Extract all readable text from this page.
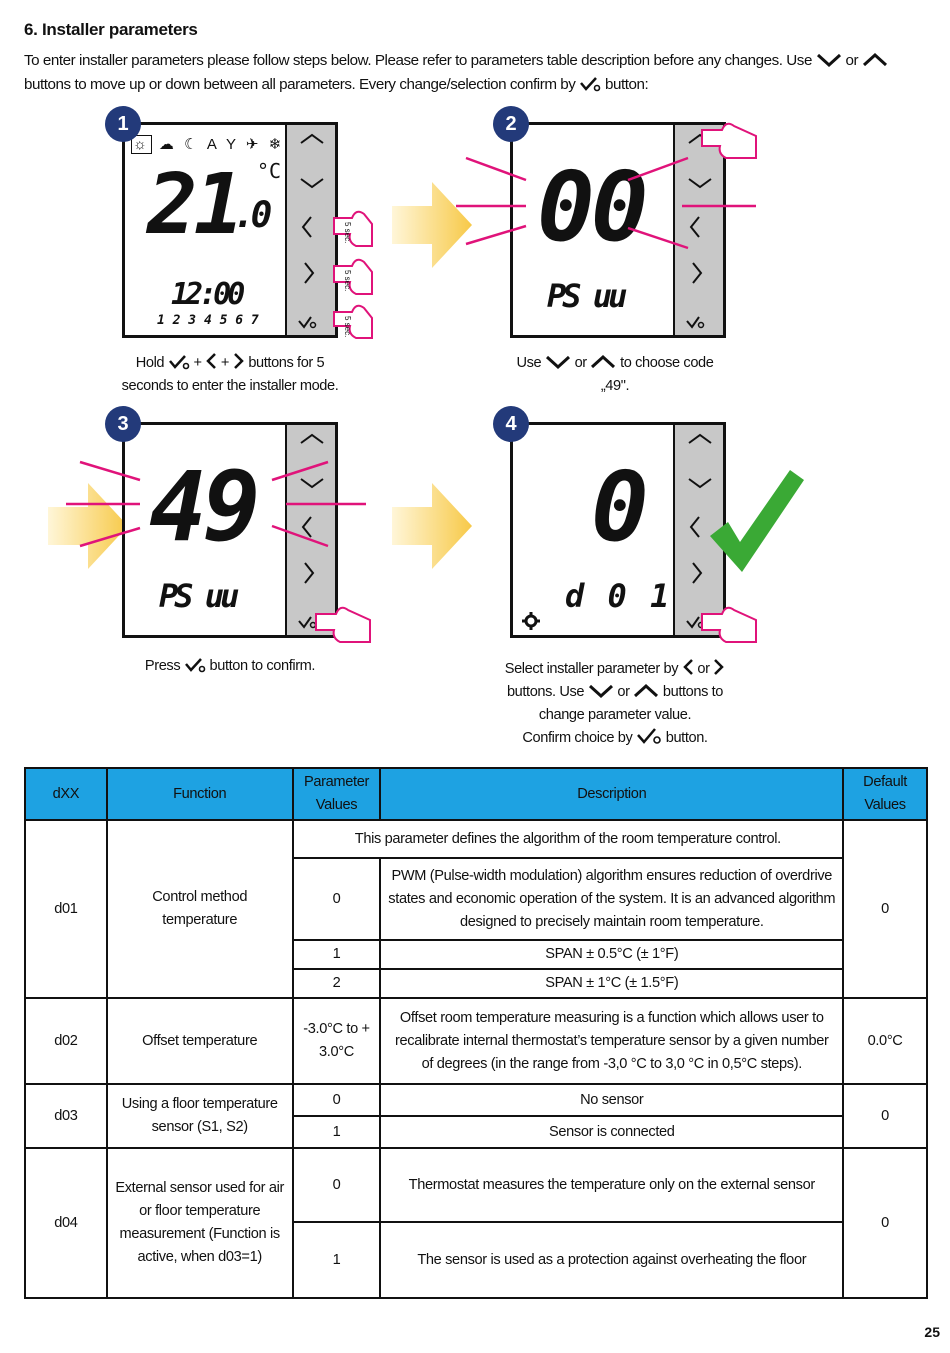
6. Installer parameters
To enter installer parameters please follow steps below. Please refer to parameters table description before any changes. Use or  buttons to move up or down between all parameters. Every change/selection confirm by button:
1
☼ ☁ ☾ A Y ✈ ❄
21
.0
°C
12:00
1 2 3 4 5 6 7
5 sec.
5 sec.
5 sec.
Hold  +  +  buttons for 5 seconds to enter the installer mode.
2
00
PS uu
Use or to choose code „49".
3
49
PS uu
Press button to confirm.
4
0
d 0 1
Select installer parameter by or
buttons. Use or buttons to
change parameter value.
Confirm choice by button.
dXX	Function	Parameter Values	Description	Default Values
d01	Control method temperature	This parameter defines the algorithm of the room temperature control.		0
		0	PWM (Pulse-width modulation) algorithm ensures reduction of overdrive states and economic operation of the system. It is an advanced algorithm designed to precisely maintain room temperature.	
		1	SPAN ± 0.5°C (± 1°F)	
		2	SPAN ± 1°C (± 1.5°F)	
d02	Offset temperature	-3.0°C to + 3.0°C	Offset room temperature measuring is a function which allows user to recalibrate internal thermostat’s temperature sensor by a given number of degrees (in the range from -3,0 °C to 3,0 °C in 0,5°C steps).	0.0°C
d03	Using a floor temperature sensor (S1, S2)	0	No sensor	0
		1	Sensor is connected	
d04	External sensor used for air or floor temperature measurement (Function is active, when d03=1)	0	Thermostat measures the temperature only on the external sensor	0
		1	The sensor is used as a protection against overheating the floor	
25
